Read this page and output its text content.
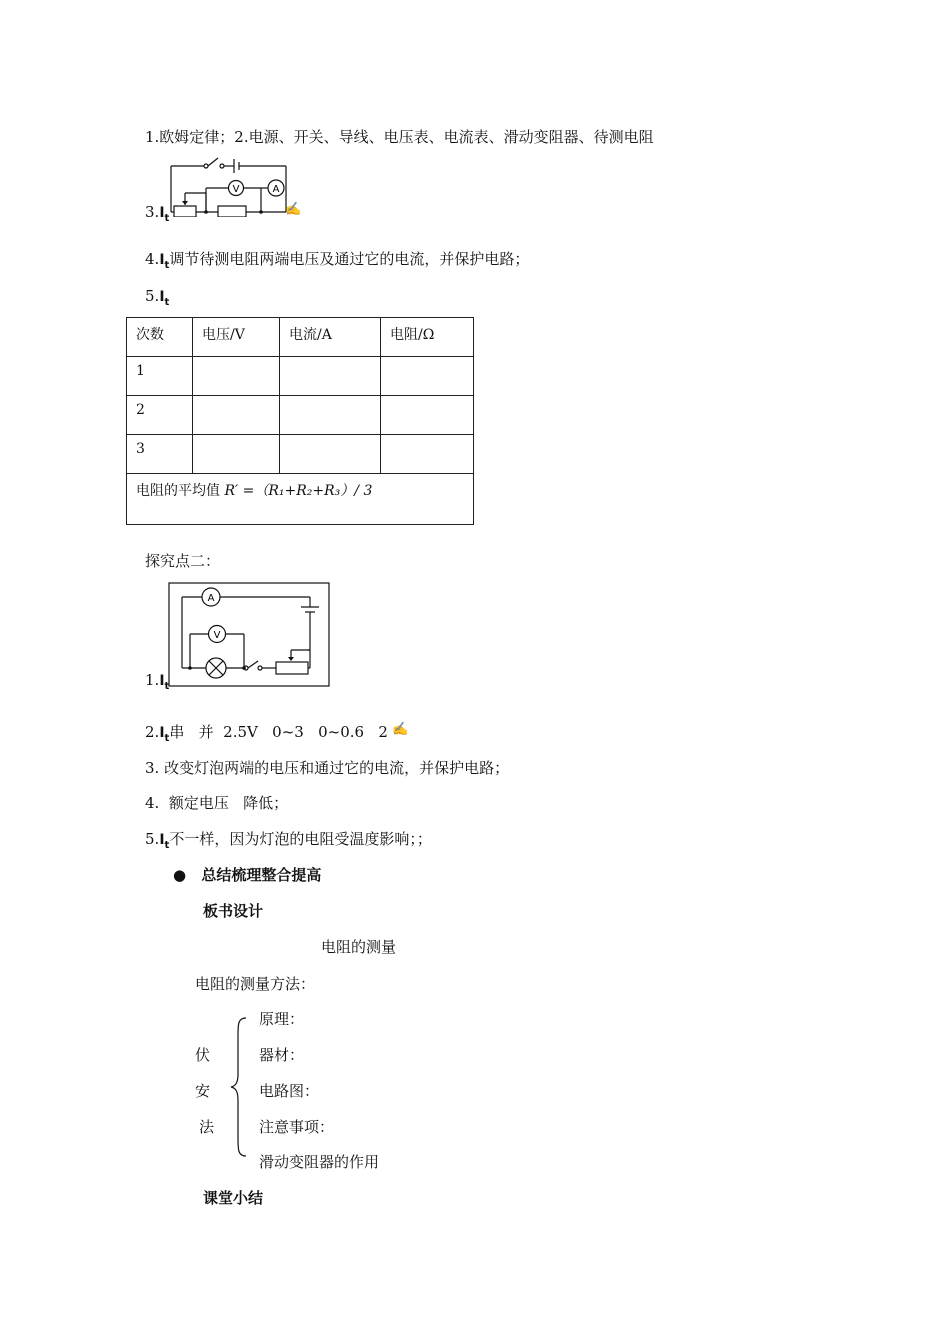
1.欧姆定律；2.电源、开关、导线、电压表、电流表、滑动变阻器、待测电阻
V	A
$3.I_t$
✍
$4.I_t$调节待测电阻两端电压及通过它的电流，并保护电路；
$5.I_t$
次数	电压/V	电流/A	电阻/Ω
1			
2			
3			
电阻的平均值 R′ =（R₁+R₂+R₃）/ 3			
探究点二：
A
V
$1.I_t$
$2.I_t$串   并  2.5V   0~3   0~0.6   2 ✍
3. 改变灯泡两端的电压和通过它的电流，并保护电路；
4.  额定电压   降低；
$5.I_t$不一样，因为灯泡的电阻受温度影响；；
● 总结梳理整合提高
板书设计
电阻的测量
电阻的测量方法：
伏
安
法
原理：
器材：
电路图：
注意事项：
滑动变阻器的作用
课堂小结
